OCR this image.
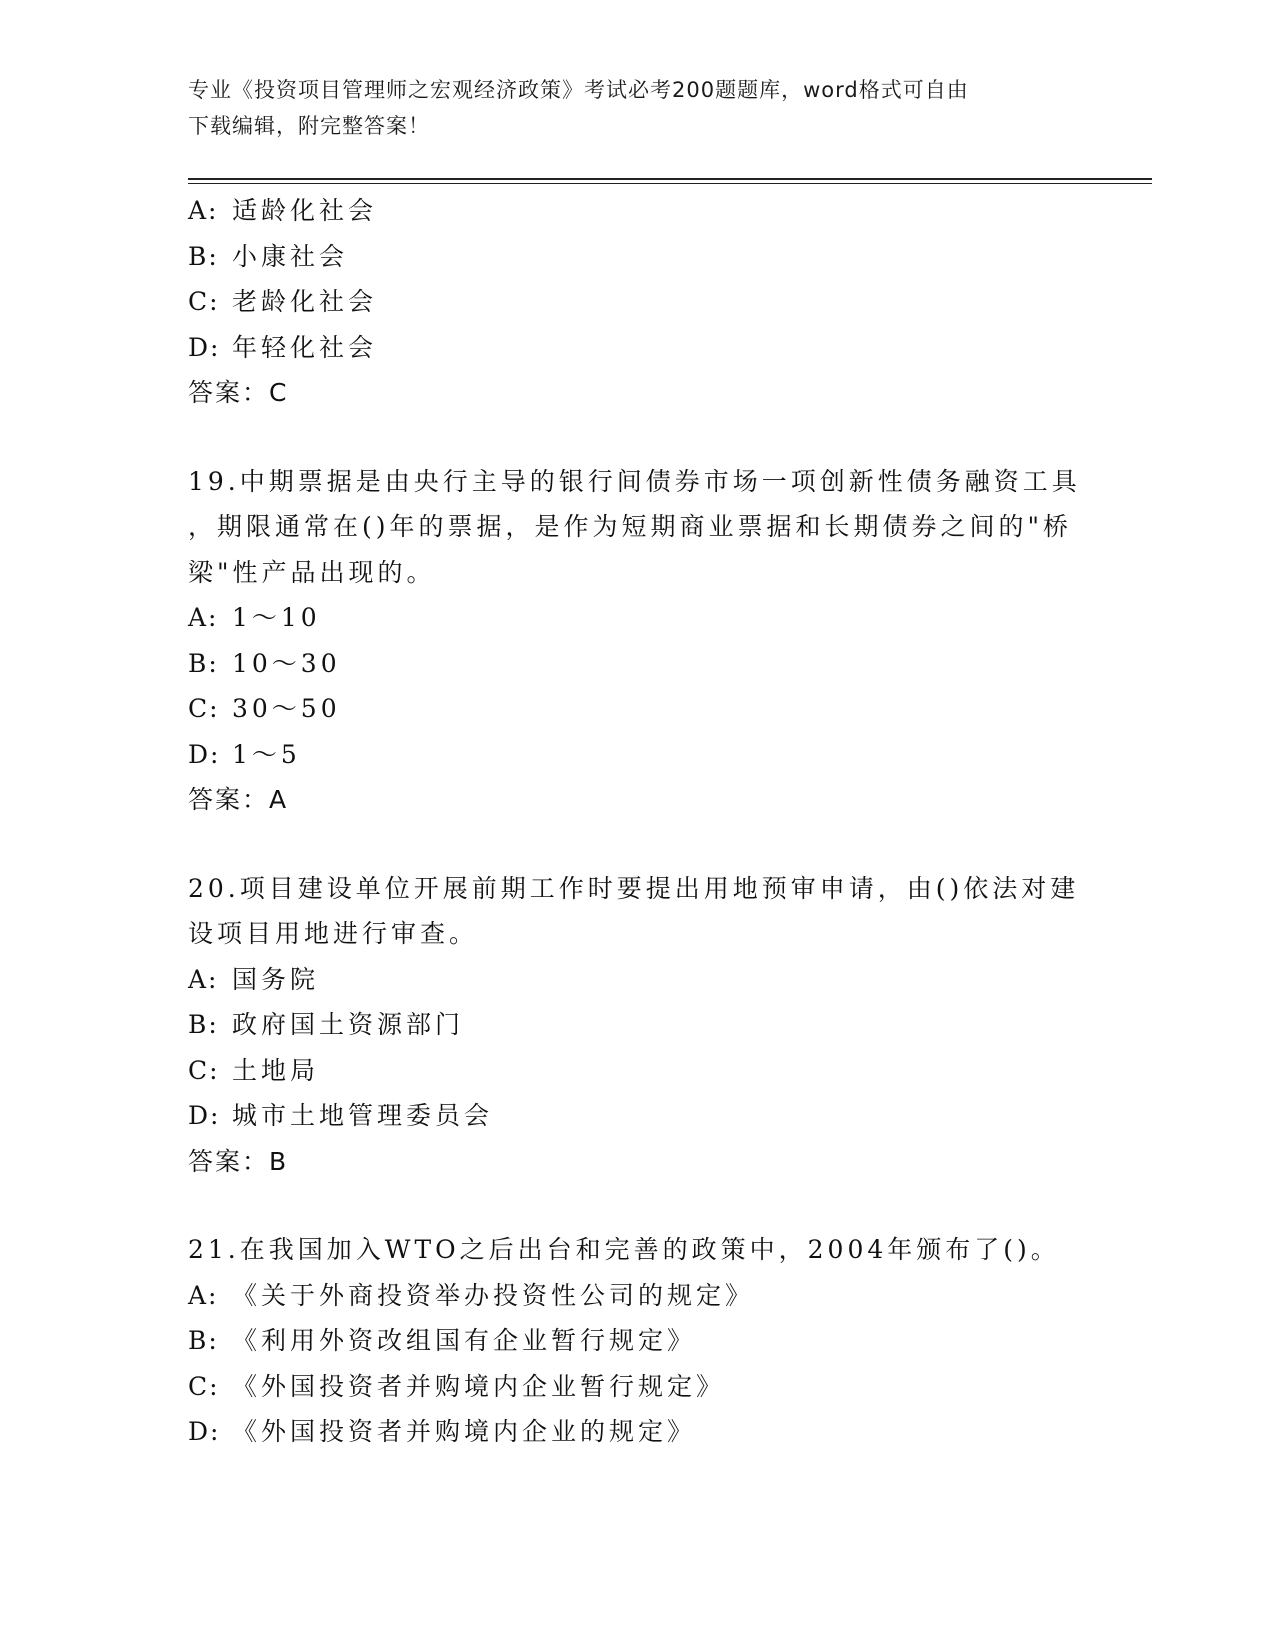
专业《投资项目管理师之宏观经济政策》考试必考200题题库，word格式可自由
下载编辑，附完整答案！

A: 适龄化社会

B: 小康社会

C: 老龄化社会

D: 年轻化社会

答案：C

19.中期票据是由央行主导的银行间债券市场一项创新性债务融资工具
，期限通常在()年的票据，是作为短期商业票据和长期债券之间的"桥
梁"性产品出现的。

A: 1～10

B: 10～30

C: 30～50

D: 1～5

答案：A

20.项目建设单位开展前期工作时要提出用地预审申请，由()依法对建
设项目用地进行审查。

A: 国务院

B: 政府国土资源部门

C: 土地局

D: 城市土地管理委员会

答案：B

21.在我国加入WTO之后出台和完善的政策中，2004年颁布了()。

A: 《关于外商投资举办投资性公司的规定》

B: 《利用外资改组国有企业暂行规定》

C: 《外国投资者并购境内企业暂行规定》

D: 《外国投资者并购境内企业的规定》
